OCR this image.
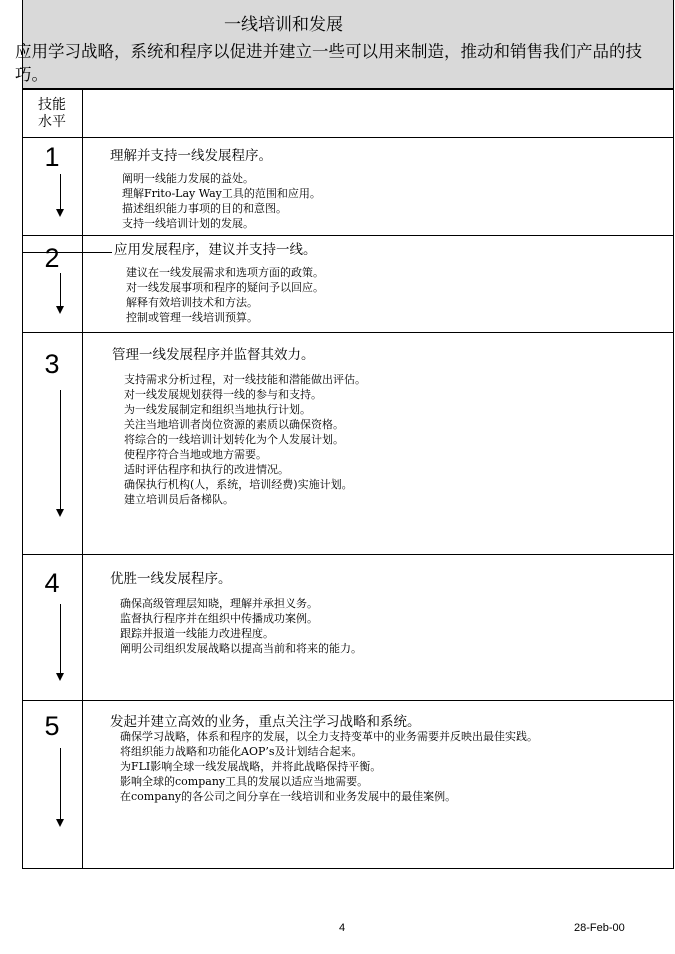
一线培训和发展
应用学习战略，系统和程序以促进并建立一些可以用来制造，推动和销售我们产品的技巧。
技能
水平
1	理解并支持一线发展程序。
阐明一线能力发展的益处。
理解Frito-Lay Way工具的范围和应用。
描述组织能力事项的目的和意图。
支持一线培训计划的发展。
2	应用发展程序，建议并支持一线。
建议在一线发展需求和选项方面的政策。
对一线发展事项和程序的疑问予以回应。
解释有效培训技术和方法。
控制或管理一线培训预算。
3	管理一线发展程序并监督其效力。
支持需求分析过程，对一线技能和潜能做出评估。
对一线发展规划获得一线的参与和支持。
为一线发展制定和组织当地执行计划。
关注当地培训者岗位资源的素质以确保资格。
将综合的一线培训计划转化为个人发展计划。
使程序符合当地或地方需要。
适时评估程序和执行的改进情况。
确保执行机构(人，系统，培训经费)实施计划。
建立培训员后备梯队。
4	优胜一线发展程序。
确保高级管理层知晓，理解并承担义务。
监督执行程序并在组织中传播成功案例。
跟踪并报道一线能力改进程度。
阐明公司组织发展战略以提高当前和将来的能力。
5	发起并建立高效的业务，重点关注学习战略和系统。
确保学习战略，体系和程序的发展，以全力支持变革中的业务需要并反映出最佳实践。
将组织能力战略和功能化AOP’s及计划结合起来。
为FLI影响全球一线发展战略，并将此战略保持平衡。
影响全球的company工具的发展以适应当地需要。
在company的各公司之间分享在一线培训和业务发展中的最佳案例。
4	28-Feb-00
